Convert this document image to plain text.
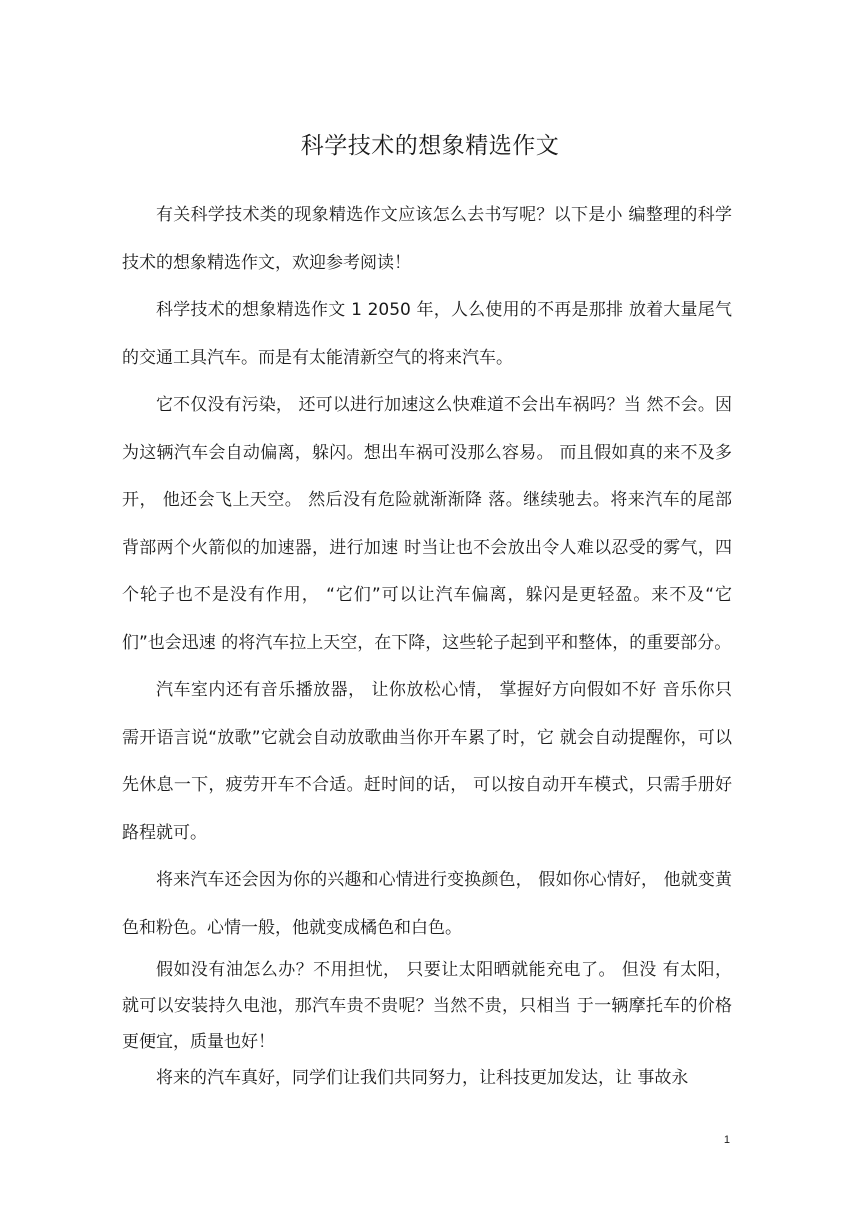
科学技术的想象精选作文

有关科学技术类的现象精选作文应该怎么去书写呢？以下是小 编整理的科学技术的想象精选作文，欢迎参考阅读！

科学技术的想象精选作文 1 2050 年，人么使用的不再是那排 放着大量尾气的交通工具汽车。而是有太能清新空气的将来汽车。

它不仅没有污染， 还可以进行加速这么快难道不会出车祸吗？当 然不会。因为这辆汽车会自动偏离，躲闪。想出车祸可没那么容易。 而且假如真的来不及多开， 他还会飞上天空。 然后没有危险就渐渐降 落。继续驰去。将来汽车的尾部背部两个火箭似的加速器，进行加速 时当让也不会放出令人难以忍受的雾气，四个轮子也不是没有作用， “它们”可以让汽车偏离，躲闪是更轻盈。来不及“它们”也会迅速 的将汽车拉上天空，在下降，这些轮子起到平和整体，的重要部分。

汽车室内还有音乐播放器， 让你放松心情， 掌握好方向假如不好 音乐你只需开语言说“放歌”它就会自动放歌曲当你开车累了时，它 就会自动提醒你，可以先休息一下，疲劳开车不合适。赶时间的话， 可以按自动开车模式，只需手册好路程就可。

将来汽车还会因为你的兴趣和心情进行变换颜色， 假如你心情好， 他就变黄色和粉色。心情一般，他就变成橘色和白色。

假如没有油怎么办？不用担忧， 只要让太阳晒就能充电了。 但没 有太阳，就可以安装持久电池，那汽车贵不贵呢？当然不贵，只相当 于一辆摩托车的价格更便宜，质量也好！

将来的汽车真好，同学们让我们共同努力，让科技更加发达，让 事故永

1
